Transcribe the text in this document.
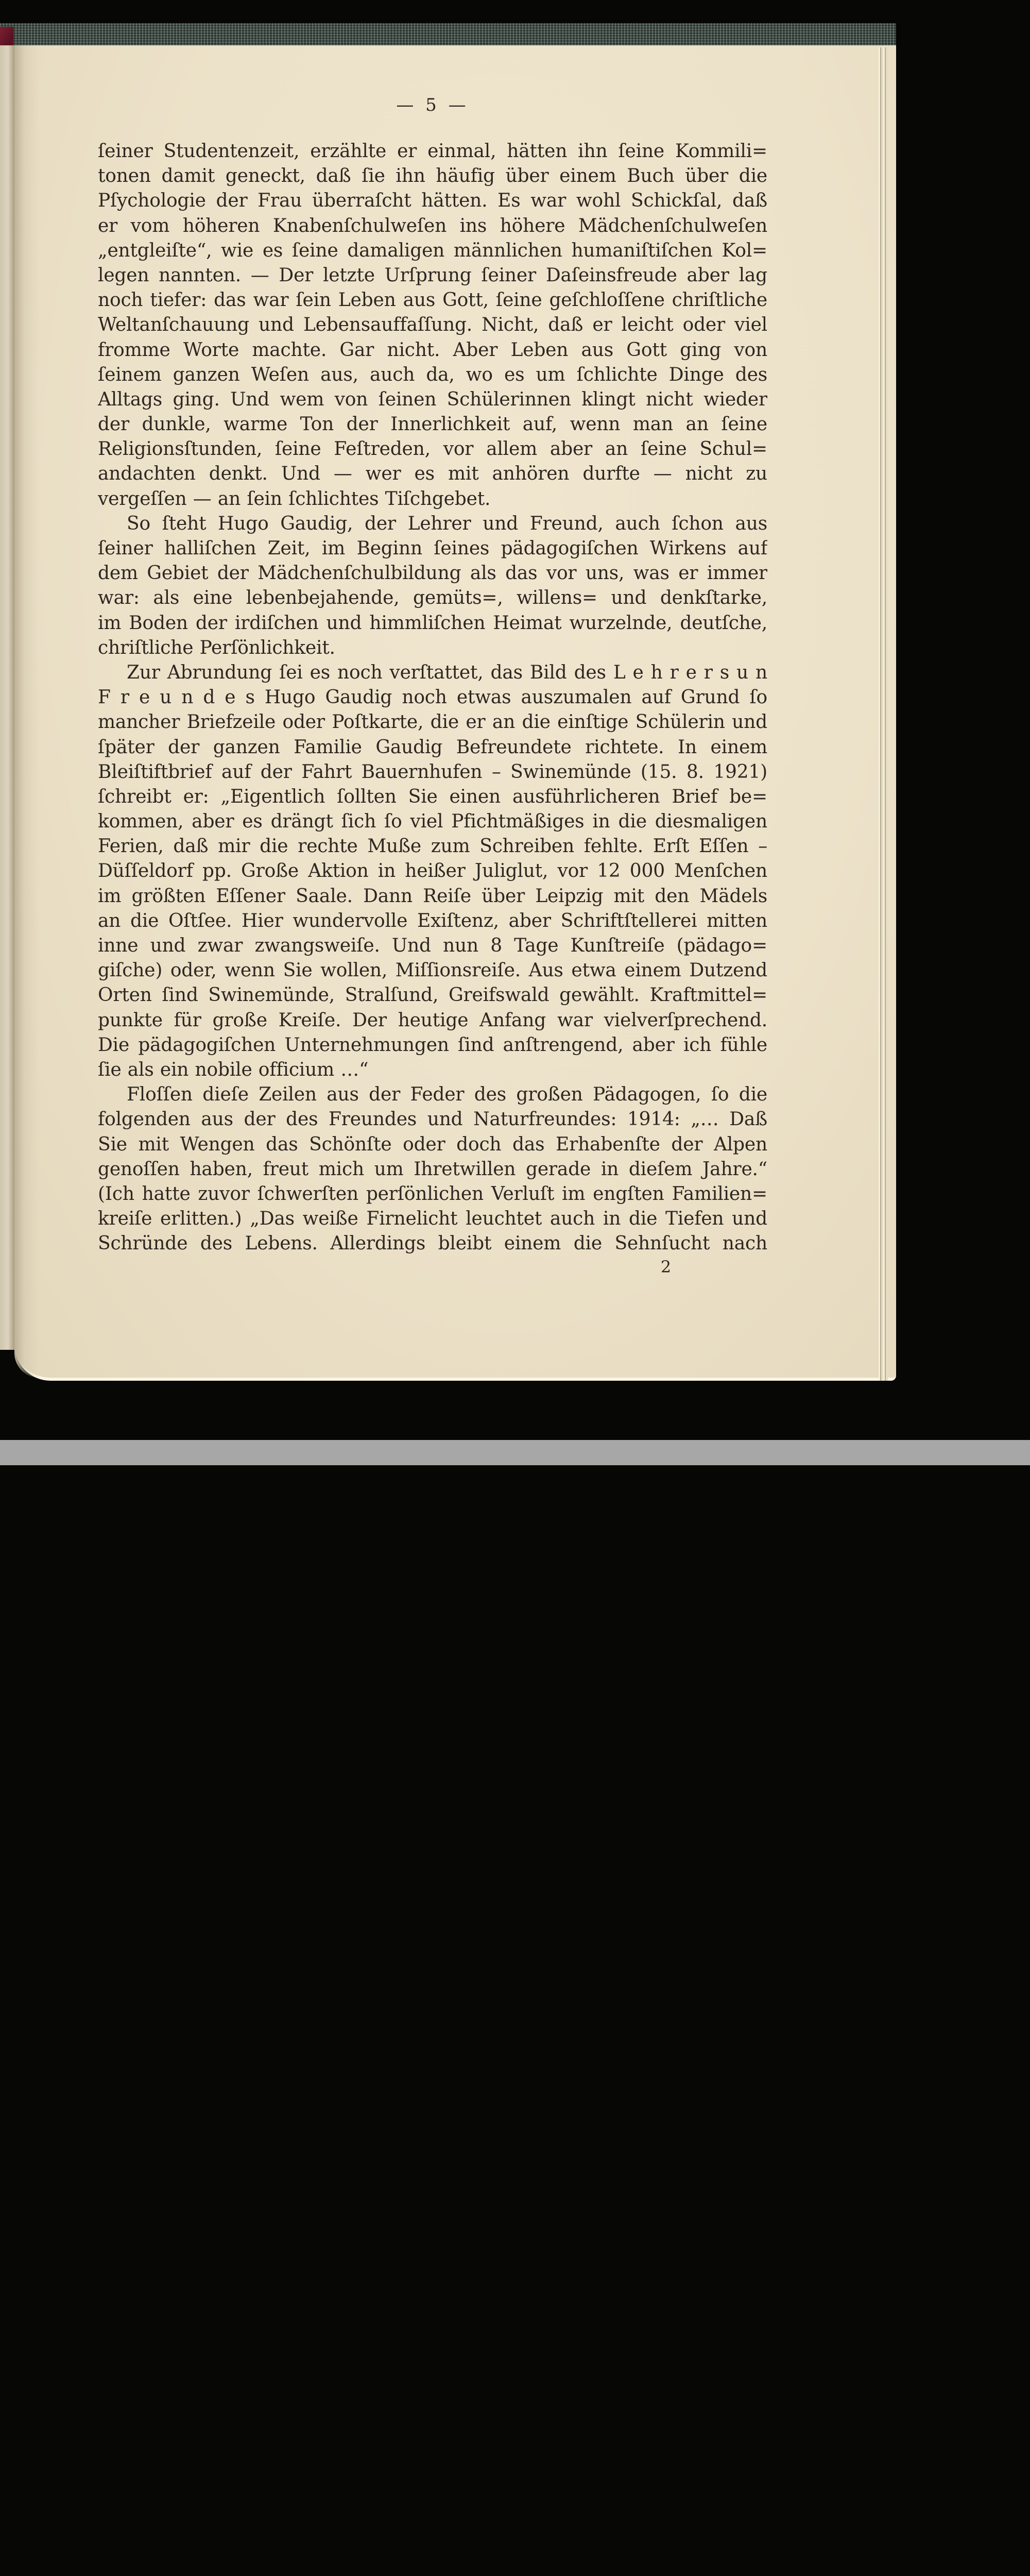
— 5 —
ſeiner Studentenzeit, erzählte er einmal, hätten ihn ſeine Kommili=
tonen damit geneckt, daß ſie ihn häufig über einem Buch über die
Pſychologie der Frau überraſcht hätten. Es war wohl Schickſal, daß
er vom höheren Knabenſchulweſen ins höhere Mädchenſchulweſen
„entgleiſte“, wie es ſeine damaligen männlichen humaniſtiſchen Kol=
legen nannten. — Der letzte Urſprung ſeiner Daſeinsfreude aber lag
noch tiefer: das war ſein Leben aus Gott, ſeine geſchloſſene chriſtliche
Weltanſchauung und Lebensauffaſſung. Nicht, daß er leicht oder viel
fromme Worte machte. Gar nicht. Aber Leben aus Gott ging von
ſeinem ganzen Weſen aus, auch da, wo es um ſchlichte Dinge des
Alltags ging. Und wem von ſeinen Schülerinnen klingt nicht wieder
der dunkle, warme Ton der Innerlichkeit auf, wenn man an ſeine
Religionsſtunden, ſeine Feſtreden, vor allem aber an ſeine Schul=
andachten denkt. Und — wer es mit anhören durfte — nicht zu
vergeſſen — an ſein ſchlichtes Tiſchgebet.
So ſteht Hugo Gaudig, der Lehrer und Freund, auch ſchon aus
ſeiner halliſchen Zeit, im Beginn ſeines pädagogiſchen Wirkens auf
dem Gebiet der Mädchenſchulbildung als das vor uns, was er immer
war: als eine lebenbejahende, gemüts=, willens= und denkſtarke,
im Boden der irdiſchen und himmliſchen Heimat wurzelnde, deutſche,
chriſtliche Perſönlichkeit.
Zur Abrundung ſei es noch verſtattet, das Bild des L e h r e r s u n
F r e u n d e s Hugo Gaudig noch etwas auszumalen auf Grund ſo
mancher Briefzeile oder Poſtkarte, die er an die einſtige Schülerin und
ſpäter der ganzen Familie Gaudig Befreundete richtete. In einem
Bleiſtiftbrief auf der Fahrt Bauernhufen – Swinemünde (15. 8. 1921)
ſchreibt er: „Eigentlich ſollten Sie einen ausführlicheren Brief be=
kommen, aber es drängt ſich ſo viel Pfichtmäßiges in die diesmaligen
Ferien, daß mir die rechte Muße zum Schreiben fehlte. Erſt Eſſen –
Düſſeldorf pp. Große Aktion in heißer Juliglut, vor 12 000 Menſchen
im größten Eſſener Saale. Dann Reiſe über Leipzig mit den Mädels
an die Oſtſee. Hier wundervolle Exiſtenz, aber Schriftſtellerei mitten
inne und zwar zwangsweiſe. Und nun 8 Tage Kunſtreiſe (pädago=
giſche) oder, wenn Sie wollen, Miſſionsreiſe. Aus etwa einem Dutzend
Orten ſind Swinemünde, Stralſund, Greifswald gewählt. Kraftmittel=
punkte für große Kreiſe. Der heutige Anfang war vielverſprechend.
Die pädagogiſchen Unternehmungen ſind anſtrengend, aber ich fühle
ſie als ein nobile officium …“
Floſſen dieſe Zeilen aus der Feder des großen Pädagogen, ſo die
folgenden aus der des Freundes und Naturfreundes: 1914: „… Daß
Sie mit Wengen das Schönſte oder doch das Erhabenſte der Alpen
genoſſen haben, freut mich um Ihretwillen gerade in dieſem Jahre.“
(Ich hatte zuvor ſchwerſten perſönlichen Verluſt im engſten Familien=
kreiſe erlitten.) „Das weiße Firnelicht leuchtet auch in die Tiefen und
Schründe des Lebens. Allerdings bleibt einem die Sehnſucht nach
2
